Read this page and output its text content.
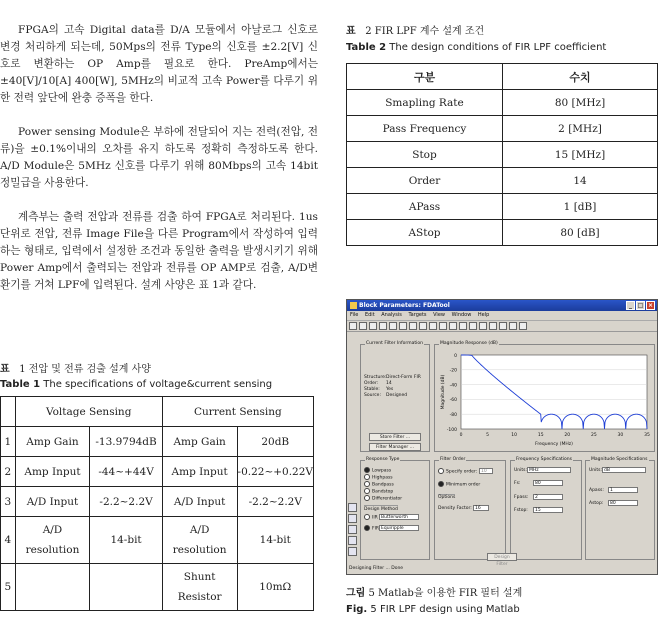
FPGA의 고속 Digital data를 D/A 모듈에서 아날로그 신호로 변경 처리하게 되는데, 50Mps의 전류 Type의 신호를 ±2.2[V] 신호로 변환하는 OP Amp를 필요로 한다. PreAmp에서는 ±40[V]/10[A] 400[W], 5MHz의 비교적 고속 Power를 다루기 위한 전력 앞단에 완충 증폭을 한다.

Power sensing Module은 부하에 전달되어 지는 전력(전압, 전류)을 ±0.1%이내의 오차를 유지 하도록 정확히 측정하도록 한다. A/D Module은 5MHz 신호를 다루기 위해 80Mbps의 고속 14bit 정밀급을 사용한다.

계측부는 출력 전압과 전류를 검출 하여 FPGA로 처리된다. 1us단위로 전압, 전류 Image File을 다른 Program에서 작성하여 입력 하는 형태로, 입력에서 설정한 조건과 동일한 출력을 발생시키기 위해 Power Amp에서 출력되는 전압과 전류를 OP AMP로 검출, A/D변환기를 거쳐 LPF에 입력된다. 설계 사양은 표 1과 같다.

표 1 전압 및 전류 검출 설계 사양
Table 1 The specifications of voltage&current sensing
	Voltage Sensing		Current Sensing	
1	Amp Gain	-13.9794dB	Amp Gain	20dB
2	Amp Input	-44~+44V	Amp Input	-0.22~+0.22V
3	A/D Input	-2.2~2.2V	A/D Input	-2.2~2.2V
4	A/D resolution	14-bit	A/D resolution	14-bit
5			Shunt Resistor	10mΩ
표 2 FIR LPF 계수 설계 조건
Table 2 The design conditions of FIR LPF coefficient
구분	수치
Smapling Rate	80 [MHz]
Pass Frequency	2 [MHz]
Stop	15 [MHz]
Order	14
APass	1 [dB]
AStop	80 [dB]
Block Parameters: FDATool	_ □ ×
File Edit Analysis Targets View Window Help
Current Filter Information
Structure: Direct-Form FIR
Order: 14
Stable: Yes
Source: Designed
Store Filter ...
Filter Manager ...
Magnitude Response (dB)
0
-20
-40
-60
-80
-100
0	5	10	15	20	25	30	35
Frequency (MHz)
Magnitude (dB)
Response Type
Lowpass
Highpass
Bandpass
Bandstop
Differentiator
Design Method
IIR Butterworth
FIR Equiripple
Filter Order
Specify order: 10
Minimum order
Options
Density Factor: 16
Frequency Specifications
Units: MHz
Fs:	80
Fpass:	2
Fstop:	15
Magnitude Specifications
Units: dB
Apass:	1
Astop:	80
Design Filter
Designing Filter ... Done
그림 5 Matlab을 이용한 FIR 필터 설계
Fig. 5 FIR LPF design using Matlab
